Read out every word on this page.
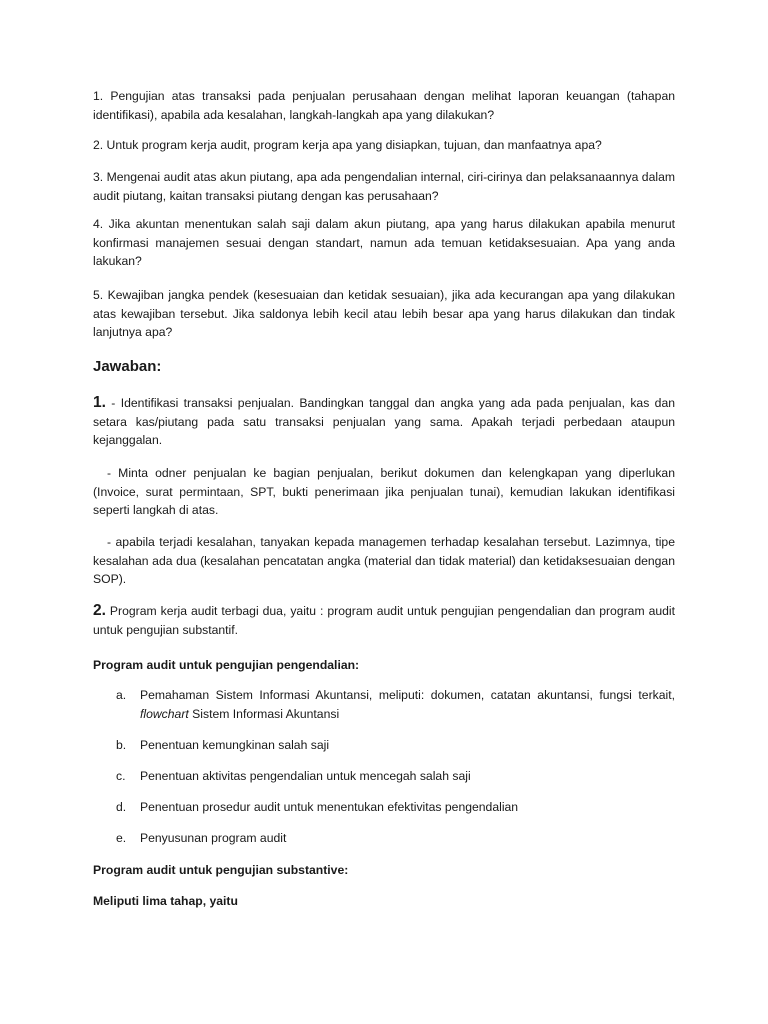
1. Pengujian atas transaksi pada penjualan perusahaan dengan melihat laporan keuangan (tahapan identifikasi), apabila ada kesalahan, langkah-langkah apa yang dilakukan?

2. Untuk program kerja audit, program kerja apa yang disiapkan, tujuan, dan manfaatnya apa?

3. Mengenai audit atas akun piutang, apa ada pengendalian internal, ciri-cirinya dan pelaksanaannya dalam audit piutang, kaitan transaksi piutang dengan kas perusahaan?

4. Jika akuntan menentukan salah saji dalam akun piutang, apa yang harus dilakukan apabila menurut konfirmasi manajemen sesuai dengan standart, namun ada temuan ketidaksesuaian. Apa yang anda lakukan?

5. Kewajiban jangka pendek (kesesuaian dan ketidak sesuaian), jika ada kecurangan apa yang dilakukan atas kewajiban tersebut. Jika saldonya lebih kecil atau lebih besar apa yang harus dilakukan dan tindak lanjutnya apa?

Jawaban:

1. - Identifikasi transaksi penjualan. Bandingkan tanggal dan angka yang ada pada penjualan, kas dan setara kas/piutang pada satu transaksi penjualan yang sama. Apakah terjadi perbedaan ataupun kejanggalan.

- Minta odner penjualan ke bagian penjualan, berikut dokumen dan kelengkapan yang diperlukan (Invoice, surat permintaan, SPT, bukti penerimaan jika penjualan tunai), kemudian lakukan identifikasi seperti langkah di atas.

- apabila terjadi kesalahan, tanyakan kepada managemen terhadap kesalahan tersebut. Lazimnya, tipe kesalahan ada dua (kesalahan pencatatan angka (material dan tidak material) dan ketidaksesuaian dengan SOP).

2. Program kerja audit terbagi dua, yaitu : program audit untuk pengujian pengendalian dan program audit untuk pengujian substantif.

Program audit untuk pengujian pengendalian:
a.	Pemahaman Sistem Informasi Akuntansi, meliputi: dokumen, catatan akuntansi, fungsi terkait, flowchart Sistem Informasi Akuntansi
b.	Penentuan kemungkinan salah saji
c.	Penentuan aktivitas pengendalian untuk mencegah salah saji
d.	Penentuan prosedur audit untuk menentukan efektivitas pengendalian
e.	Penyusunan program audit
Program audit untuk pengujian substantive:
Meliputi lima tahap, yaitu
